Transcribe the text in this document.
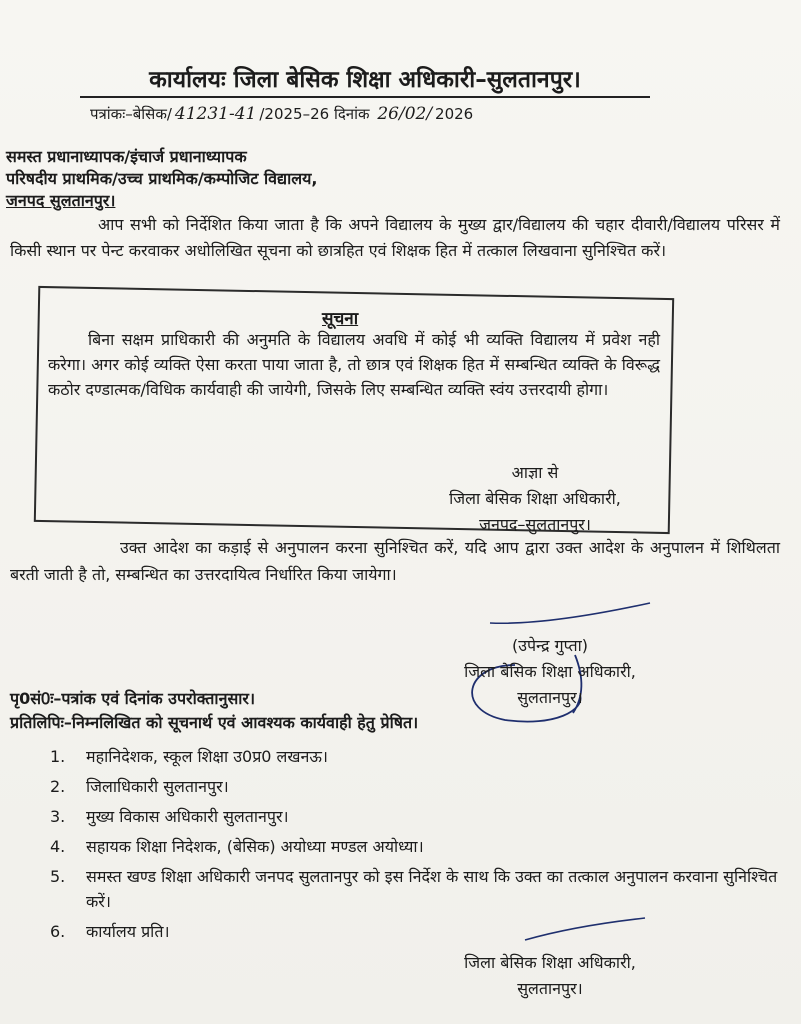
कार्यालयः जिला बेसिक शिक्षा अधिकारी–सुलतानपुर।
पत्रांकः–बेसिक/ 41231-41 /2025–26 दिनांक 26/02/ 2026
समस्त प्रधानाध्यापक/इंचार्ज प्रधानाध्यापक
परिषदीय प्राथमिक/उच्च प्राथमिक/कम्पोजिट विद्यालय,
जनपद सुलतानपुर।
आप सभी को निर्देशित किया जाता है कि अपने विद्यालय के मुख्य द्वार/विद्यालय की चहार दीवारी/विद्यालय परिसर में किसी स्थान पर पेन्ट करवाकर अधोलिखित सूचना को छात्रहित एवं शिक्षक हित में तत्काल लिखवाना सुनिश्चित करें।
सूचना
बिना सक्षम प्राधिकारी की अनुमति के विद्यालय अवधि में कोई भी व्यक्ति विद्यालय में प्रवेश नही करेगा। अगर कोई व्यक्ति ऐसा करता पाया जाता है, तो छात्र एवं शिक्षक हित में सम्बन्धित व्यक्ति के विरूद्ध कठोर दण्डात्मक/विधिक कार्यवाही की जायेगी, जिसके लिए सम्बन्धित व्यक्ति स्वंय उत्तरदायी होगा।
आज्ञा से
जिला बेसिक शिक्षा अधिकारी,
जनपद–सुलतानपुर।
उक्त आदेश का कड़ाई से अनुपालन करना सुनिश्चित करें, यदि आप द्वारा उक्त आदेश के अनुपालन में शिथिलता बरती जाती है तो, सम्बन्धित का उत्तरदायित्व निर्धारित किया जायेगा।
(उपेन्द्र गुप्ता)
जिला बेसिक शिक्षा अधिकारी,
सुलतानपुर।
पृ0सं0ः–पत्रांक एवं दिनांक उपरोक्तानुसार।
प्रतिलिपिः–निम्नलिखित को सूचनार्थ एवं आवश्यक कार्यवाही हेतु प्रेषित।
1. महानिदेशक, स्कूल शिक्षा उ0प्र0 लखनऊ।
2. जिलाधिकारी सुलतानपुर।
3. मुख्य विकास अधिकारी सुलतानपुर।
4. सहायक शिक्षा निदेशक, (बेसिक) अयोध्या मण्डल अयोध्या।
5. समस्त खण्ड शिक्षा अधिकारी जनपद सुलतानपुर को इस निर्देश के साथ कि उक्त का तत्काल अनुपालन करवाना सुनिश्चित करें।
6. कार्यालय प्रति।
जिला बेसिक शिक्षा अधिकारी,
सुलतानपुर।
